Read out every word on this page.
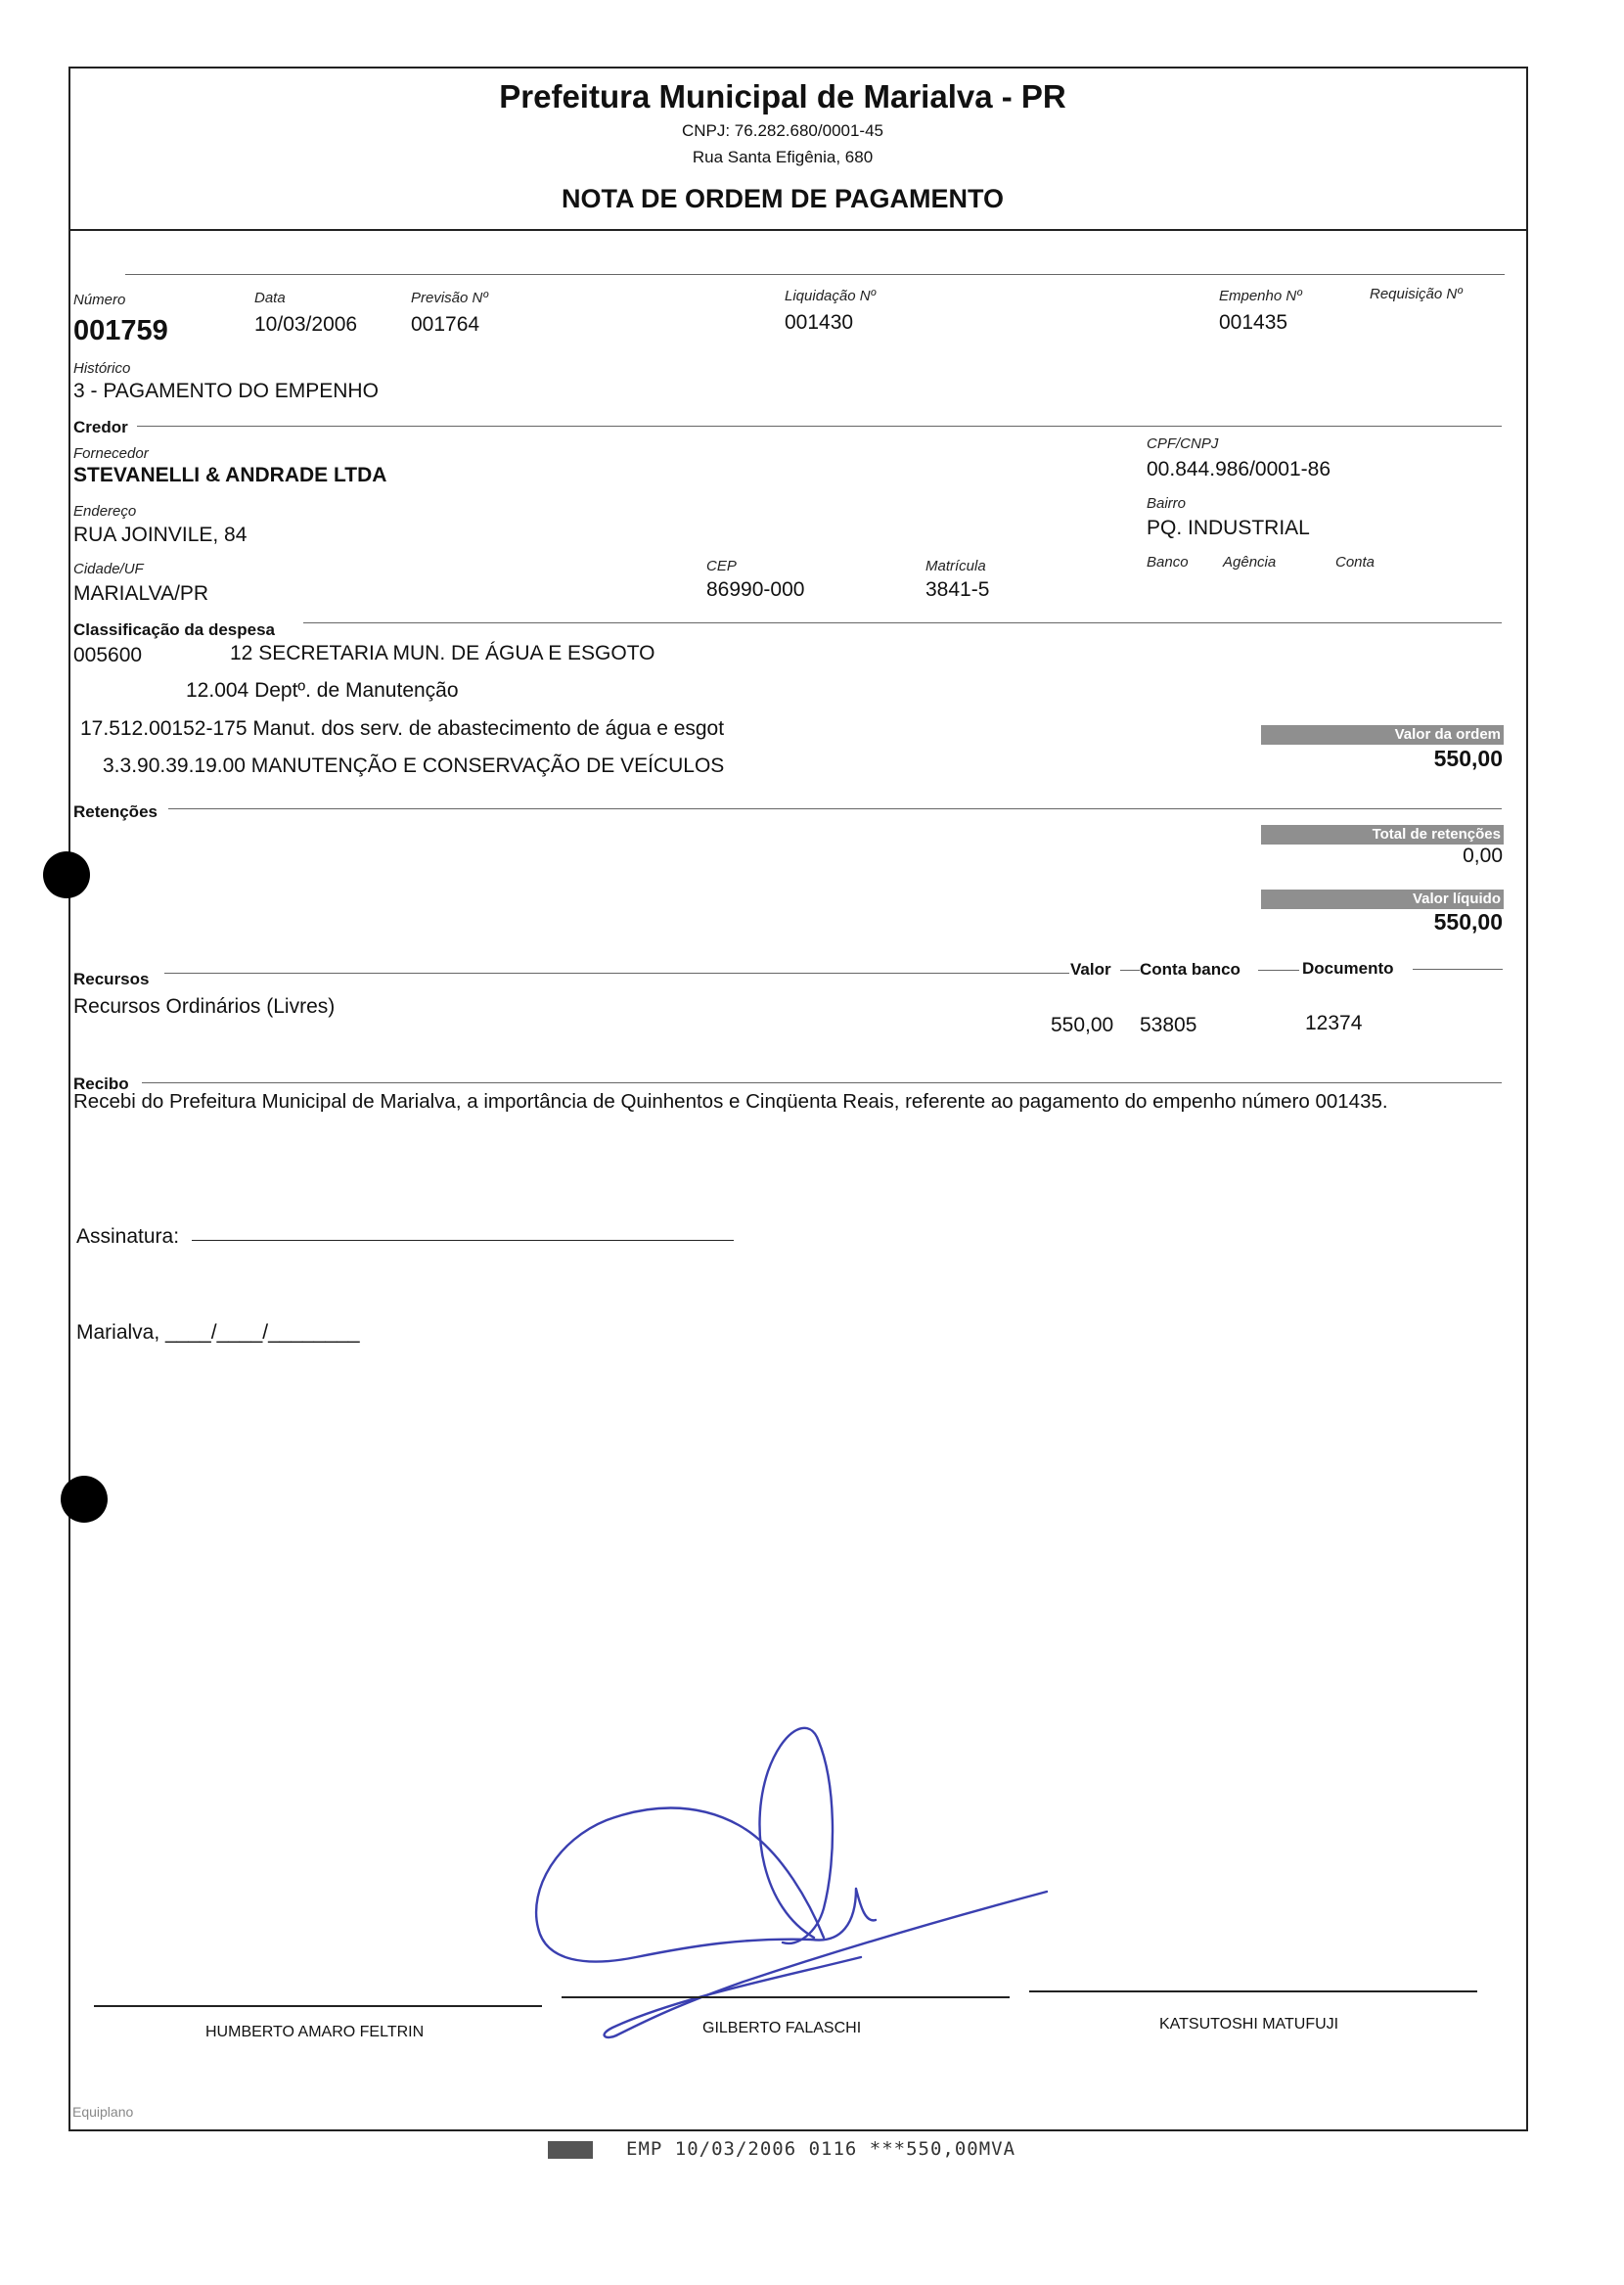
Prefeitura Municipal de Marialva - PR
CNPJ: 76.282.680/0001-45
Rua Santa Efigênia, 680
NOTA DE ORDEM DE PAGAMENTO
Número
001759
Data
10/03/2006
Previsão Nº
001764
Liquidação Nº
001430
Empenho Nº
001435
Requisição Nº
Histórico
3 - PAGAMENTO DO EMPENHO
Credor
Fornecedor
STEVANELLI & ANDRADE LTDA
CPF/CNPJ
00.844.986/0001-86
Endereço
RUA JOINVILE, 84
Bairro
PQ. INDUSTRIAL
Cidade/UF
MARIALVA/PR
CEP
86990-000
Matrícula
3841-5
Banco Agência	Conta
Classificação da despesa
005600	12 SECRETARIA MUN. DE ÁGUA E ESGOTO
12.004 Deptº. de Manutenção
17.512.00152-175 Manut. dos serv. de abastecimento de água e esgot
3.3.90.39.19.00 MANUTENÇÃO E CONSERVAÇÃO DE VEÍCULOS
Valor da ordem
550,00
Retenções
Total de retenções
0,00
Valor líquido
550,00
Recursos
Valor Conta banco	Documento
Recursos Ordinários (Livres)
550,00 53805	12374
Recibo
Recebi do Prefeitura Municipal de Marialva, a importância de Quinhentos e Cinqüenta Reais, referente ao pagamento do empenho número 001435.
Assinatura:
Marialva, ____/____/________
HUMBERTO AMARO FELTRIN	GILBERTO FALASCHI	KATSUTOSHI MATUFUJI
Equiplano
EMP 10/03/2006 0116 ***550,00MVA
